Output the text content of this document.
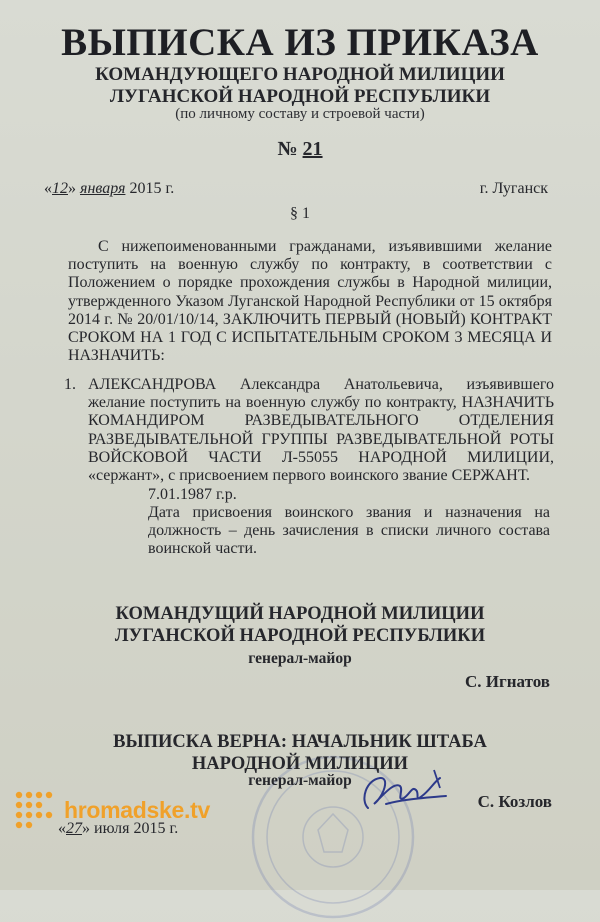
ВЫПИСКА ИЗ ПРИКАЗА
КОМАНДУЮЩЕГО НАРОДНОЙ МИЛИЦИИ
ЛУГАНСКОЙ НАРОДНОЙ РЕСПУБЛИКИ
(по личному составу и строевой части)
№ 21
«12» января 2015 г.	г. Луганск
§ 1
С нижепоименованными гражданами, изъявившими желание поступить на военную службу по контракту, в соответствии с Положением о порядке прохождения службы в Народной милиции, утвержденного Указом Луганской Народной Республики от 15 октября 2014 г. № 20/01/10/14, ЗАКЛЮЧИТЬ ПЕРВЫЙ (НОВЫЙ) КОНТРАКТ СРОКОМ НА 1 ГОД С ИСПЫТАТЕЛЬНЫМ СРОКОМ 3 МЕСЯЦА И НАЗНАЧИТЬ:
1. АЛЕКСАНДРОВА Александра Анатольевича, изъявившего желание поступить на военную службу по контракту, НАЗНАЧИТЬ КОМАНДИРОМ РАЗВЕДЫВАТЕЛЬНОГО ОТДЕЛЕНИЯ РАЗВЕДЫВАТЕЛЬНОЙ ГРУППЫ РАЗВЕДЫВАТЕЛЬНОЙ РОТЫ ВОЙСКОВОЙ ЧАСТИ Л-55055 НАРОДНОЙ МИЛИЦИИ, «сержант», с присвоением первого воинского звание СЕРЖАНТ.
7.01.1987 г.р.
Дата присвоения воинского звания и назначения на должность – день зачисления в списки личного состава воинской части.
КОМАНДУЩИЙ НАРОДНОЙ МИЛИЦИИ
ЛУГАНСКОЙ НАРОДНОЙ РЕСПУБЛИКИ
генерал-майор
С. Игнатов
ВЫПИСКА ВЕРНА: НАЧАЛЬНИК ШТАБА
НАРОДНОЙ МИЛИЦИИ
генерал-майор
С. Козлов
«27» июля 2015 г.
hromadske.tv
